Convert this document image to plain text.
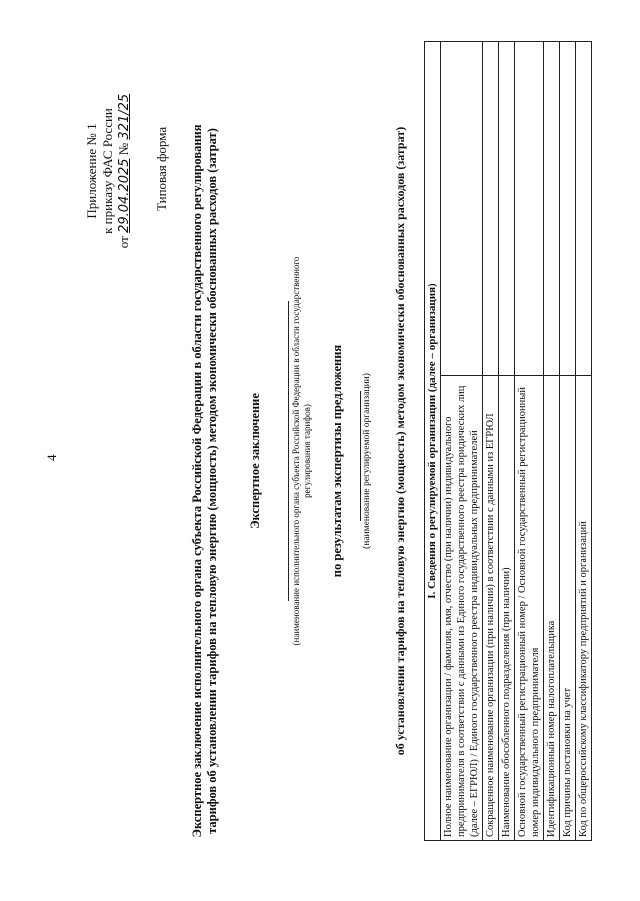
4
Приложение № 1 к приказу ФАС России
от 29.04.2025 № 321/25
Типовая форма Экспертное заключение исполнительного органа субъекта Российской Федерации в области государственного регулирования тарифов об установлении тарифов на тепловую энергию (мощность) методом экономически обоснованных расходов (затрат) Экспертное заключение	(наименование исполнительного органа субъекта Российской Федерации в области государственного регулирования тарифов) по результатам экспертизы предложения (наименование регулируемой организации) об установлении тарифов на тепловую энергию (мощность) методом экономически обоснованных расходов (затрат) I. Сведения о регулируемой организации (далее – организация)	
Полное наименование организации / фамилия, имя, отчество (при наличии) индивидуального предпринимателя в соответствии с данными из Единого государственного реестра юридических лиц (далее – ЕГРЮЛ) / Единого государственного реестра индивидуальных предпринимателей	
Сокращенное наименование организации (при наличии) в соответствии с данными из ЕГРЮЛ	
Наименование обособленного подразделения (при наличии)	
Основной государственный регистрационный номер / Основной государственный регистрационный номер индивидуального предпринимателя	
Идентификационный номер налогоплательщика	
Код причины постановки на учет	
Код по общероссийскому классификатору предприятий и организаций	
